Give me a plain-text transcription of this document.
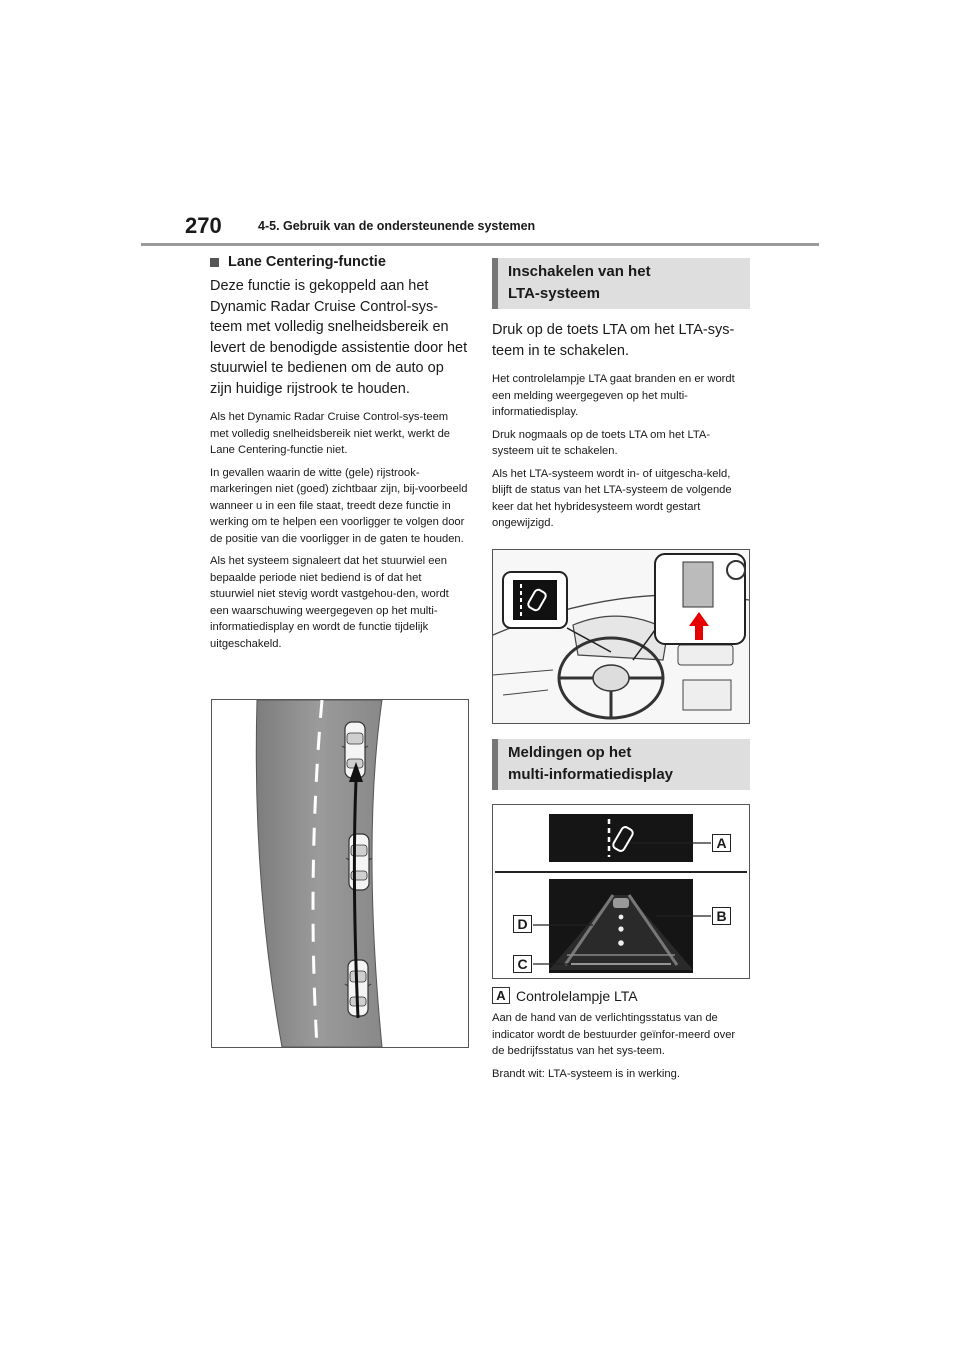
270	4-5. Gebruik van de ondersteunende systemen
Lane Centering-functie

Deze functie is gekoppeld aan het Dynamic Radar Cruise Control-sys-teem met volledig snelheidsbereik en levert de benodigde assistentie door het stuurwiel te bedienen om de auto op zijn huidige rijstrook te houden.

Als het Dynamic Radar Cruise Control-sys-teem met volledig snelheidsbereik niet werkt, werkt de Lane Centering-functie niet.

In gevallen waarin de witte (gele) rijstrook-markeringen niet (goed) zichtbaar zijn, bij-voorbeeld wanneer u in een file staat, treedt deze functie in werking om te helpen een voorligger te volgen door de positie van die voorligger in de gaten te houden.

Als het systeem signaleert dat het stuurwiel een bepaalde periode niet bediend is of dat het stuurwiel niet stevig wordt vastgehou-den, wordt een waarschuwing weergegeven op het multi-informatiedisplay en wordt de functie tijdelijk uitgeschakeld.

Inschakelen van het
LTA-systeem

Druk op de toets LTA om het LTA-sys-teem in te schakelen.

Het controlelampje LTA gaat branden en er wordt een melding weergegeven op het multi-informatiedisplay.

Druk nogmaals op de toets LTA om het LTA-systeem uit te schakelen.

Als het LTA-systeem wordt in- of uitgescha-keld, blijft de status van het LTA-systeem de volgende keer dat het hybridesysteem wordt gestart ongewijzigd.

Meldingen op het
multi-informatiedisplay
A
B
D
C
A Controlelampje LTA

Aan de hand van de verlichtingsstatus van de indicator wordt de bestuurder geïnfor-meerd over de bedrijfsstatus van het sys-teem.

Brandt wit: LTA-systeem is in werking.
